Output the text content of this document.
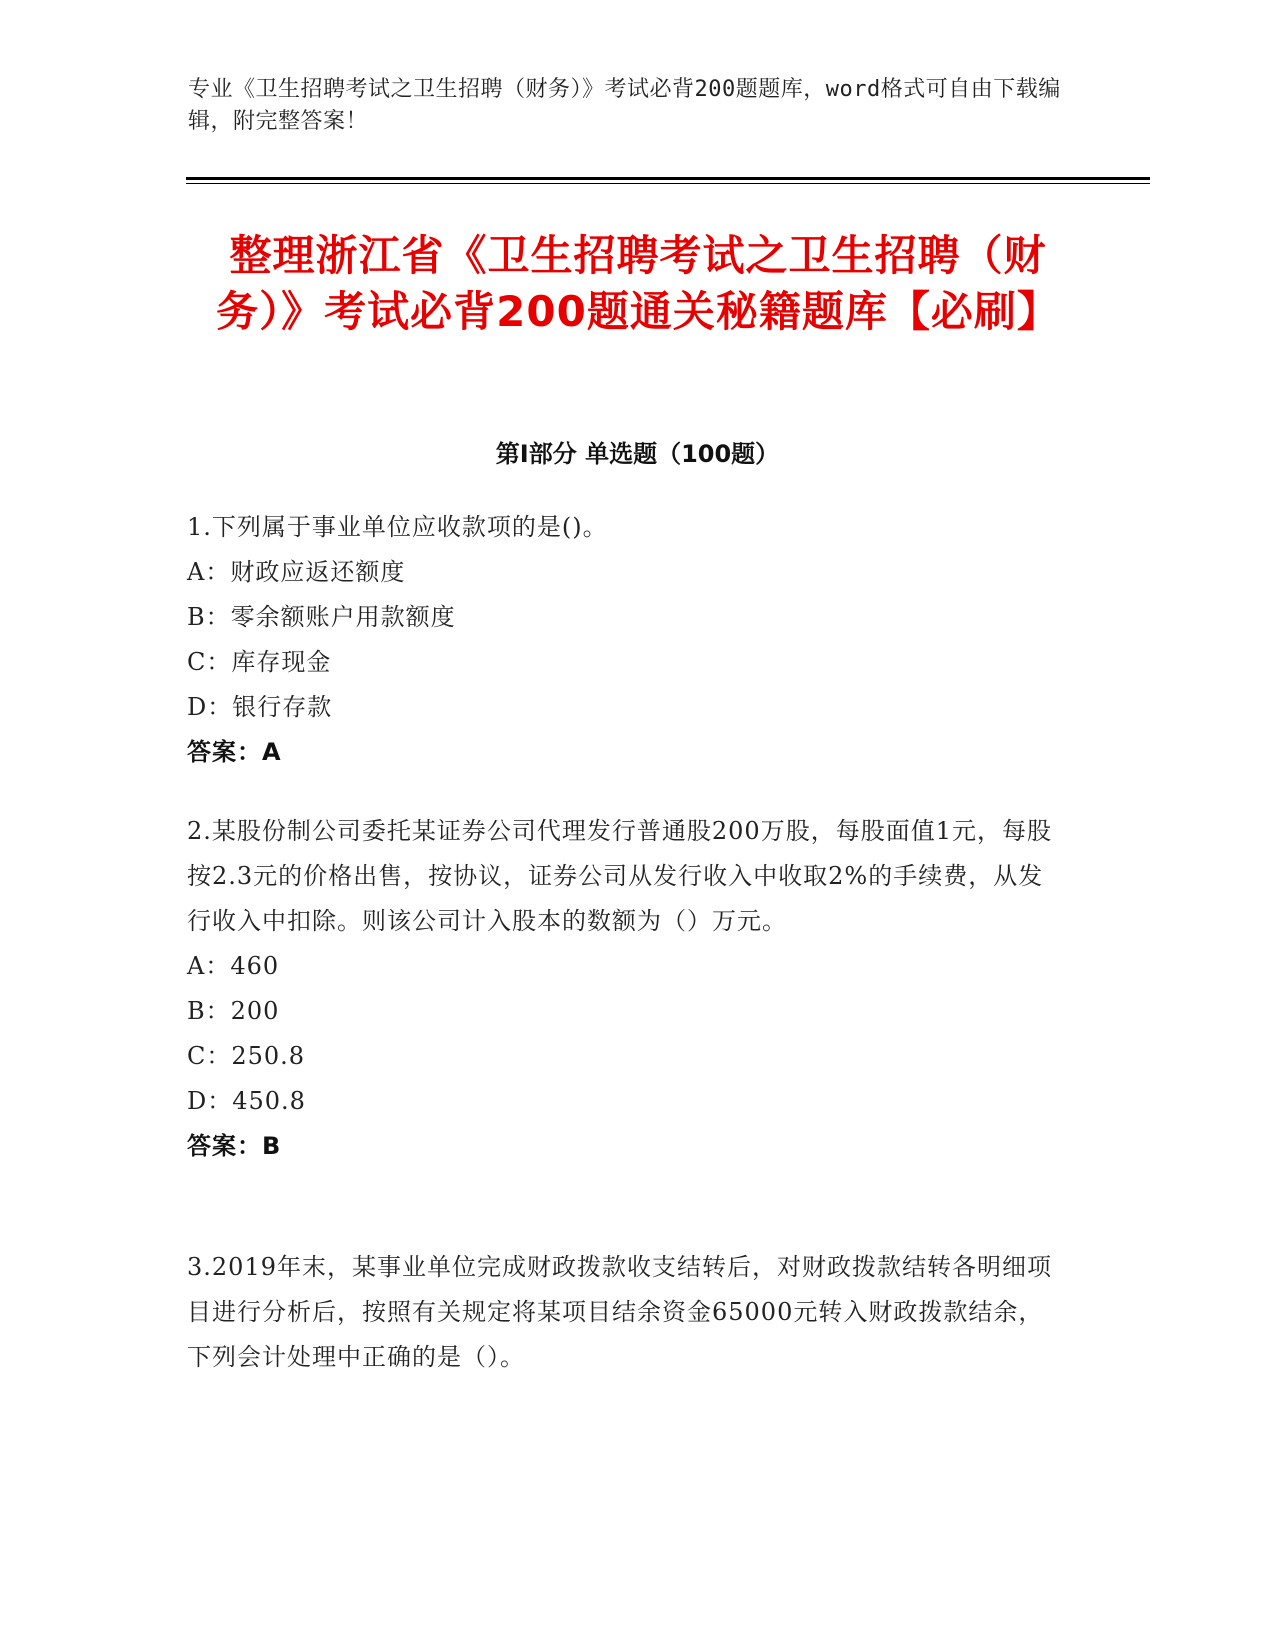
专业《卫生招聘考试之卫生招聘（财务）》考试必背200题题库，word格式可自由下载编辑，附完整答案！
整理浙江省《卫生招聘考试之卫生招聘（财务）》考试必背200题通关秘籍题库【必刷】
第I部分 单选题（100题）

1.下列属于事业单位应收款项的是()。

A：财政应返还额度

B：零余额账户用款额度

C：库存现金

D：银行存款

答案：A

2.某股份制公司委托某证券公司代理发行普通股200万股，每股面值1元，每股按2.3元的价格出售，按协议，证券公司从发行收入中收取2%的手续费，从发行收入中扣除。则该公司计入股本的数额为（）万元。

A：460

B：200

C：250.8

D：450.8

答案：B

3.2019年末，某事业单位完成财政拨款收支结转后，对财政拨款结转各明细项目进行分析后，按照有关规定将某项目结余资金65000元转入财政拨款结余，下列会计处理中正确的是（）。
